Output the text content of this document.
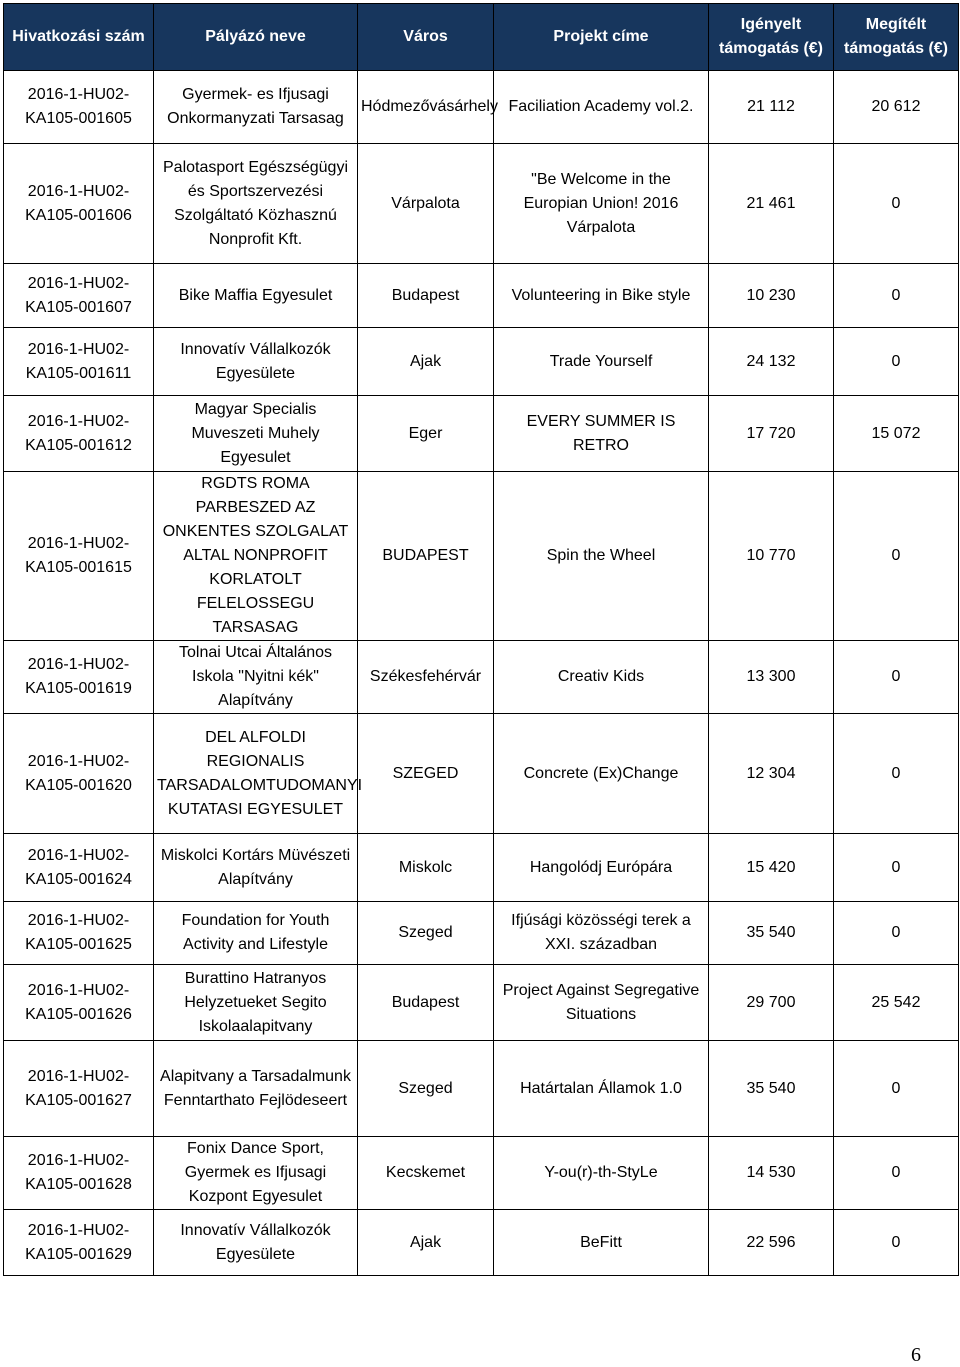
Hivatkozási szám	Pályázó neve	Város	Projekt címe	Igényelt támogatás (€)	Megítélt támogatás (€)
2016-1-HU02-KA105-001605	Gyermek- es Ifjusagi Onkormanyzati Tarsasag	Hódmezővásárhely	Faciliation Academy vol.2.	21 112	20 612
2016-1-HU02-KA105-001606	Palotasport Egészségügyi és Sportszervezési Szolgáltató Közhasznú Nonprofit Kft.	Várpalota	"Be Welcome in the Europian Union! 2016 Várpalota	21 461	0
2016-1-HU02-KA105-001607	Bike Maffia Egyesulet	Budapest	Volunteering in Bike style	10 230	0
2016-1-HU02-KA105-001611	Innovatív Vállalkozók Egyesülete	Ajak	Trade Yourself	24 132	0
2016-1-HU02-KA105-001612	Magyar Specialis Muveszeti Muhely Egyesulet	Eger	EVERY SUMMER IS RETRO	17 720	15 072
2016-1-HU02-KA105-001615	RGDTS ROMA PARBESZED AZ ONKENTES SZOLGALAT ALTAL NONPROFIT KORLATOLT FELELOSSEGU TARSASAG	BUDAPEST	Spin the Wheel	10 770	0
2016-1-HU02-KA105-001619	Tolnai Utcai Általános Iskola "Nyitni kék" Alapítvány	Székesfehérvár	Creativ Kids	13 300	0
2016-1-HU02-KA105-001620	DEL ALFOLDI REGIONALIS TARSADALOMTUDOMANYI KUTATASI EGYESULET	SZEGED	Concrete (Ex)Change	12 304	0
2016-1-HU02-KA105-001624	Miskolci Kortárs Müvészeti Alapítvány	Miskolc	Hangolódj Európára	15 420	0
2016-1-HU02-KA105-001625	Foundation for Youth Activity and Lifestyle	Szeged	Ifjúsági közösségi terek a XXI. században	35 540	0
2016-1-HU02-KA105-001626	Burattino Hatranyos Helyzetueket Segito Iskolaalapitvany	Budapest	Project Against Segregative Situations	29 700	25 542
2016-1-HU02-KA105-001627	Alapitvany a Tarsadalmunk Fenntarthato Fejlödeseert	Szeged	Határtalan Államok 1.0	35 540	0
2016-1-HU02-KA105-001628	Fonix Dance Sport, Gyermek es Ifjusagi Kozpont Egyesulet	Kecskemet	Y-ou(r)-th-StyLe	14 530	0
2016-1-HU02-KA105-001629	Innovatív Vállalkozók Egyesülete	Ajak	BeFitt	22 596	0
6
